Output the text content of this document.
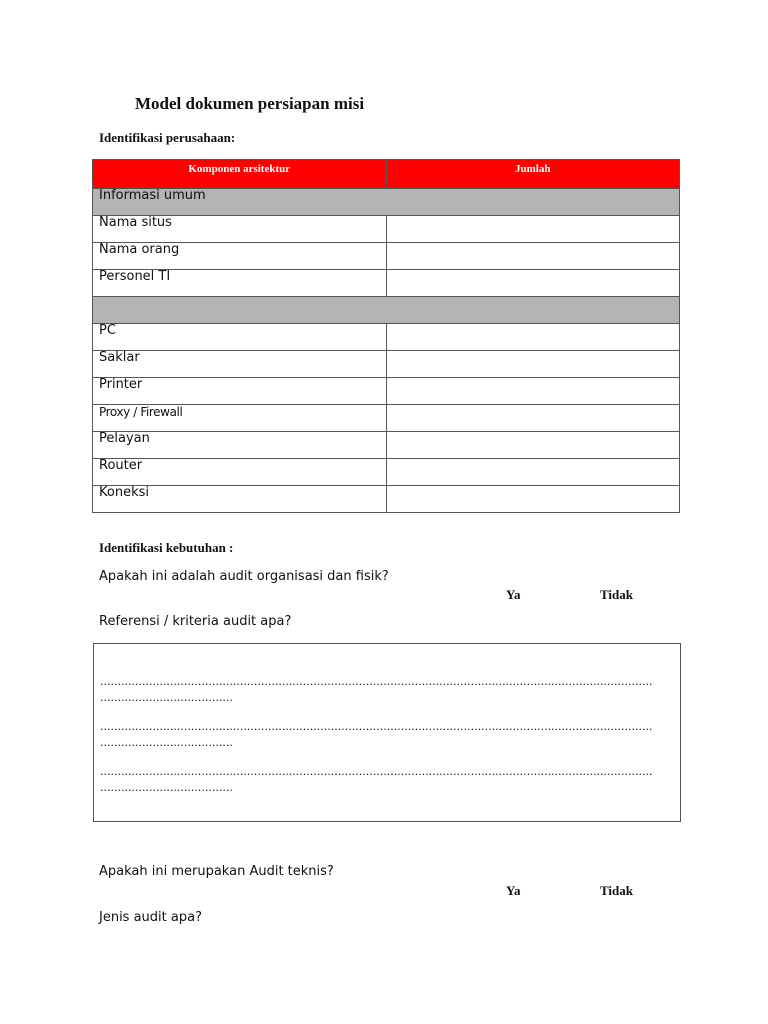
Model dokumen persiapan misi
Identifikasi perusahaan:
Komponen arsitektur	Jumlah
Informasi umum	
Nama situs	
Nama orang	
Personel TI	

PC	
Saklar	
Printer	
Proxy / Firewall	
Pelayan	
Router	
Koneksi	
Identifikasi kebutuhan :
Apakah ini adalah audit organisasi dan fisik?
Ya	Tidak
Referensi / kriteria audit apa?
..............................................................................................................................................................
......................................
..............................................................................................................................................................
......................................
..............................................................................................................................................................
......................................
Apakah ini merupakan Audit teknis?
Ya	Tidak
Jenis audit apa?
